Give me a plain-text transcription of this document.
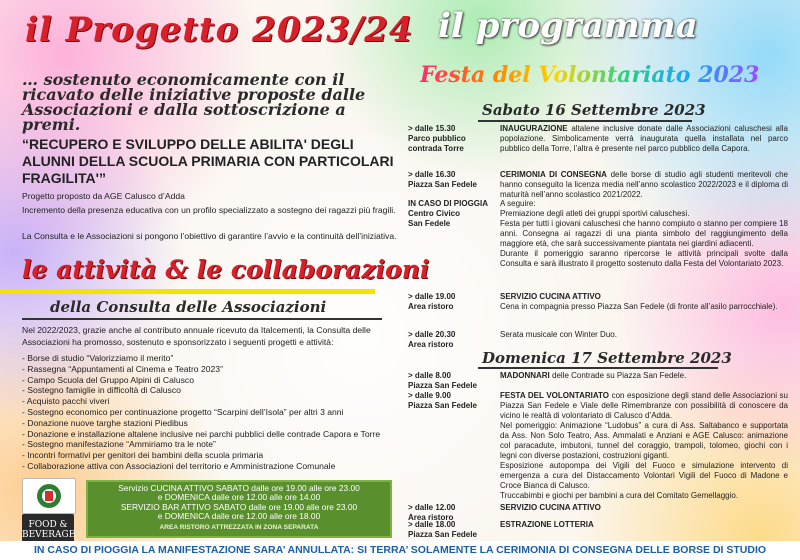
il Progetto 2023/24 il programma
Festa del Volontariato 2023
… sostenuto economicamente con il ricavato delle iniziative proposte dalle Associazioni e dalla sottoscrizione a premi.
“RECUPERO E SVILUPPO DELLE ABILITA' DEGLI ALUNNI DELLA SCUOLA PRIMARIA CON PARTICOLARI FRAGILITA'”
Progetto proposto da AGE Calusco d’Adda
Incremento della presenza educativa con un profilo specializzato a sostegno dei ragazzi più fragili.
La Consulta e le Associazioni si pongono l’obiettivo di garantire l’avvio e la continuità dell’iniziativa.
le attività & le collaborazioni
della Consulta delle Associazioni
Nel 2022/2023, grazie anche al contributo annuale ricevuto da Italcementi, la Consulta delle Associazioni ha promosso, sostenuto e sponsorizzato i seguenti progetti e attività:
- Borse di studio “Valorizziamo il merito”
- Rassegna “Appuntamenti al Cinema e Teatro 2023”
- Campo Scuola del Gruppo Alpini di Calusco
- Sostegno famiglie in difficoltà di Calusco
- Acquisto pacchi viveri
- Sostegno economico per continuazione progetto “Scarpini dell’Isola” per altri 3 anni
- Donazione nuove targhe stazioni Piedibus
- Donazione e installazione altalene inclusive nei parchi pubblici delle contrade Capora e Torre
- Sostegno manifestazione “Ammiriamo tra le note”
- Incontri formativi per genitori dei bambini della scuola primaria
- Collaborazione attiva con Associazioni del territorio e Amministrazione Comunale
FOOD & BEVERAGE
Servizio CUCINA ATTIVO SABATO dalle ore 19.00 alle ore 23.00
e DOMENICA dalle ore 12.00 alle ore 14.00
SERVIZIO BAR ATTIVO SABATO dalle ore 19.00 alle ore 23.00
e DOMENICA dalle ore 12.00 alle ore 18.00
AREA RISTORO ATTREZZATA IN ZONA SEPARATA
Sabato 16 Settembre 2023
> dalle 15.30
Parco pubblico
contrada Torre
INAUGURAZIONE altalene inclusive donate dalle Associazioni caluschesi alla popolazione. Simbolicamente verrà inaugurata quella installata nel parco pubblico della Torre, l’altra è presente nel parco pubblico della Capora.
> dalle 16.30
Piazza San Fedele
CERIMONIA DI CONSEGNA delle borse di studio agli studenti meritevoli che hanno conseguito la licenza media nell’anno scolastico 2022/2023 e il diploma di maturità nell’anno scolastico 2021/2022.
IN CASO DI PIOGGIA
Centro Civico
San Fedele
A seguire:
Premiazione degli atleti dei gruppi sportivi caluschesi.
Festa per tutti i giovani caluschesi che hanno compiuto o stanno per compiere 18 anni. Consegna ai ragazzi di una pianta simbolo del raggiungimento della maggiore età, che sarà successivamente piantata nei giardini adiacenti.
Durante il pomeriggio saranno ripercorse le attività principali svolte dalla Consulta e sarà illustrato il progetto sostenuto dalla Festa del Volontariato 2023.
> dalle 19.00
Area ristoro
SERVIZIO CUCINA ATTIVO
Cena in compagnia presso Piazza San Fedele (di fronte all’asilo parrocchiale).
> dalle 20.30
Area ristoro
Serata musicale con Winter Duo.
Domenica 17 Settembre 2023
> dalle 8.00
Piazza San Fedele
MADONNARI delle Contrade su Piazza San Fedele.
> dalle 9.00
Piazza San Fedele
FESTA DEL VOLONTARIATO con esposizione degli stand delle Associazioni su Piazza San Fedele e Viale delle Rimembranze con possibilità di conoscere da vicino le realtà di volontariato di Calusco d’Adda.
Nel pomeriggio: Animazione “Ludobus” a cura di Ass. Saltabanco e supportata da Ass. Non Solo Teatro, Ass. Ammalati e Anziani e AGE Calusco: animazione col paracadute, imbutoni, tunnel del coraggio, trampoli, tolomeo, giochi con i legni con diverse postazioni, costruzioni giganti.
Esposizione autopompa dei Vigili del Fuoco e simulazione intervento di emergenza a cura del Distaccamento Volontari Vigili del Fuoco di Madone e Croce Bianca di Calusco.
Truccabimbi e giochi per bambini a cura del Comitato Gemellaggio.
> dalle 12.00
Area ristoro
SERVIZIO CUCINA ATTIVO
> dalle 18.00
Piazza San Fedele
ESTRAZIONE LOTTERIA
IN CASO DI PIOGGIA LA MANIFESTAZIONE SARA’ ANNULLATA: SI TERRA’ SOLAMENTE LA CERIMONIA DI CONSEGNA DELLE BORSE DI STUDIO
